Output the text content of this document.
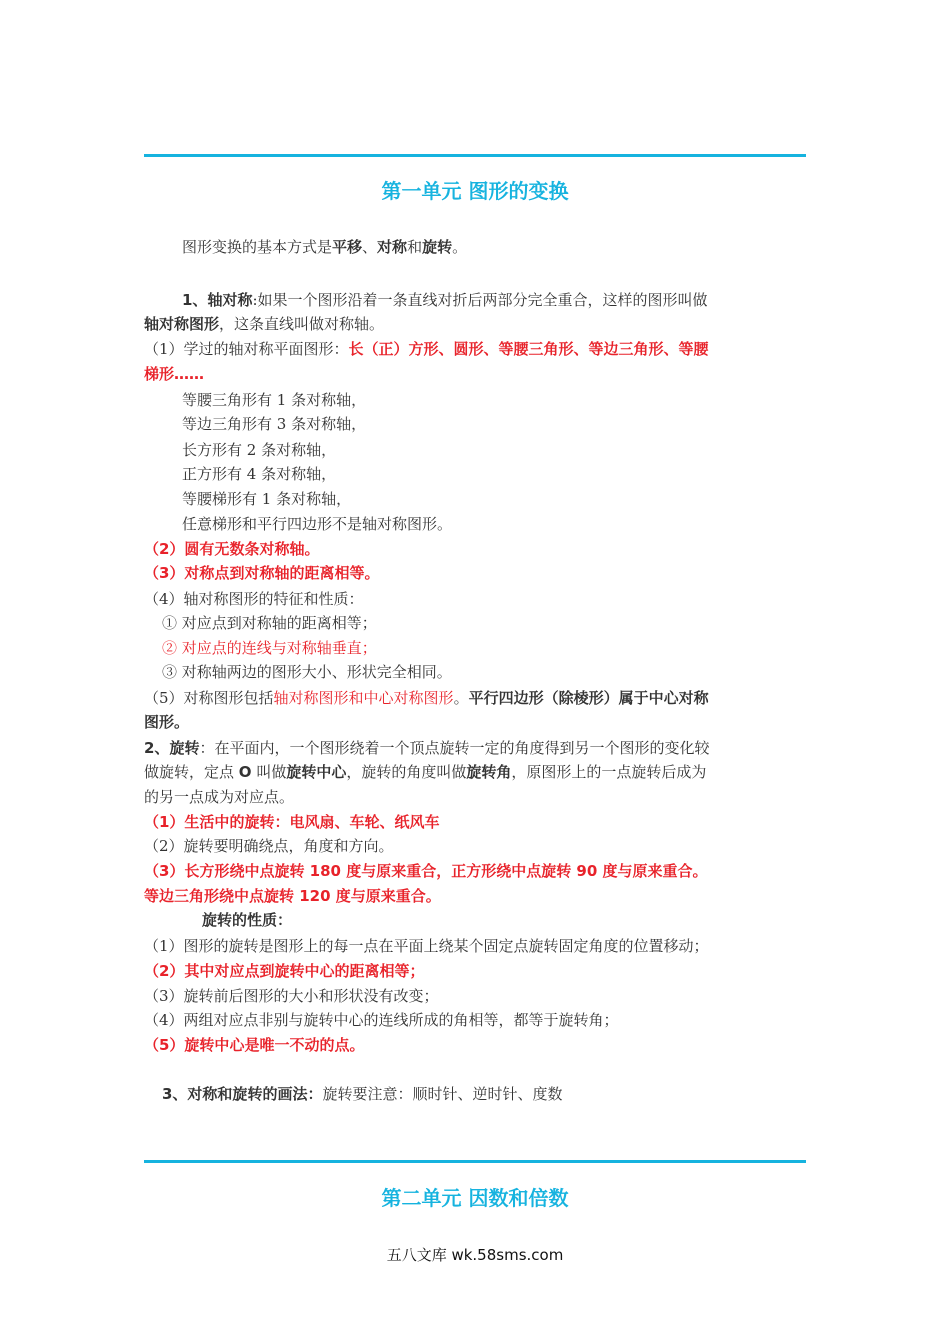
第一单元 图形的变换
图形变换的基本方式是平移、对称和旋转。
1、轴对称:如果一个图形沿着一条直线对折后两部分完全重合，这样的图形叫做
轴对称图形，这条直线叫做对称轴。
（1）学过的轴对称平面图形：长（正）方形、圆形、等腰三角形、等边三角形、等腰
梯形……
等腰三角形有 1 条对称轴，
等边三角形有 3 条对称轴，
长方形有 2 条对称轴，
正方形有 4 条对称轴，
等腰梯形有 1 条对称轴，
任意梯形和平行四边形不是轴对称图形。
（2）圆有无数条对称轴。
（3）对称点到对称轴的距离相等。
（4）轴对称图形的特征和性质：
① 对应点到对称轴的距离相等；
② 对应点的连线与对称轴垂直；
③ 对称轴两边的图形大小、形状完全相同。
（5）对称图形包括轴对称图形和中心对称图形。平行四边形（除棱形）属于中心对称
图形。
2、旋转：在平面内，一个图形绕着一个顶点旋转一定的角度得到另一个图形的变化较
做旋转，定点 O 叫做旋转中心，旋转的角度叫做旋转角，原图形上的一点旋转后成为
的另一点成为对应点。
（1）生活中的旋转：电风扇、车轮、纸风车
（2）旋转要明确绕点，角度和方向。
（3）长方形绕中点旋转 180 度与原来重合，正方形绕中点旋转 90 度与原来重合。
等边三角形绕中点旋转 120 度与原来重合。
旋转的性质：
（1）图形的旋转是图形上的每一点在平面上绕某个固定点旋转固定角度的位置移动；
（2）其中对应点到旋转中心的距离相等；
（3）旋转前后图形的大小和形状没有改变；
（4）两组对应点非别与旋转中心的连线所成的角相等，都等于旋转角；
（5）旋转中心是唯一不动的点。
3、对称和旋转的画法：旋转要注意：顺时针、逆时针、度数
第二单元 因数和倍数
五八文库 wk.58sms.com
